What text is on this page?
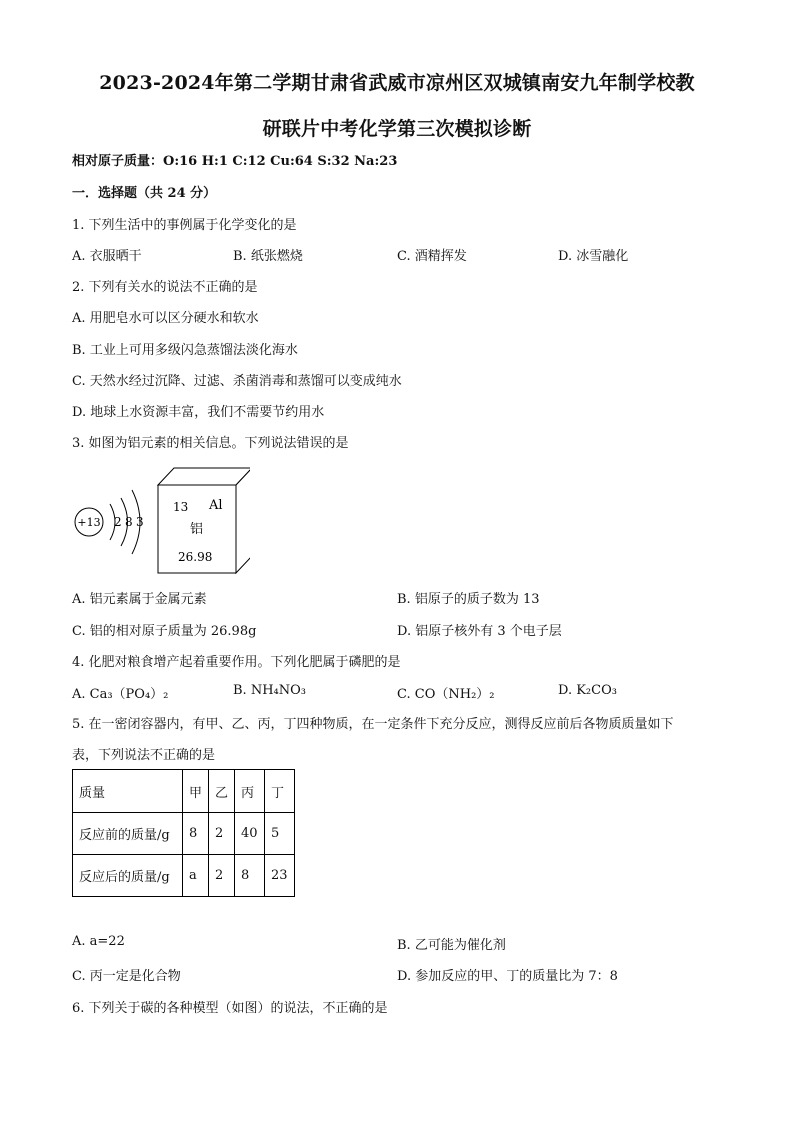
2023-2024年第二学期甘肃省武威市凉州区双城镇南安九年制学校教
研联片中考化学第三次模拟诊断
相对原子质量：O:16 H:1 C:12 Cu:64 S:32 Na:23
一．选择题（共 24 分）
1. 下列生活中的事例属于化学变化的是
A. 衣服晒干	B. 纸张燃烧	C. 酒精挥发	D. 冰雪融化
2. 下列有关水的说法不正确的是
A. 用肥皂水可以区分硬水和软水
B. 工业上可用多级闪急蒸馏法淡化海水
C. 天然水经过沉降、过滤、杀菌消毒和蒸馏可以变成纯水
D. 地球上水资源丰富，我们不需要节约用水
3. 如图为铝元素的相关信息。下列说法错误的是
+13 2 8 3
13 Al
铝
26.98
A. 铝元素属于金属元素	B. 铝原子的质子数为 13
C. 铝的相对原子质量为 26.98g	D. 铝原子核外有 3 个电子层
4. 化肥对粮食增产起着重要作用。下列化肥属于磷肥的是
A. Ca₃（PO₄）₂	B. NH₄NO₃	C. CO（NH₂）₂	D. K₂CO₃
5. 在一密闭容器内，有甲、乙、丙，丁四种物质，在一定条件下充分反应，测得反应前后各物质质量如下
表，下列说法不正确的是
质量	甲	乙	丙	丁
反应前的质量/g	8	2	40	5
反应后的质量/g	a	2	8	23
A. a=22	B. 乙可能为催化剂
C. 丙一定是化合物	D. 参加反应的甲、丁的质量比为 7：8
6. 下列关于碳的各种模型（如图）的说法，不正确的是
